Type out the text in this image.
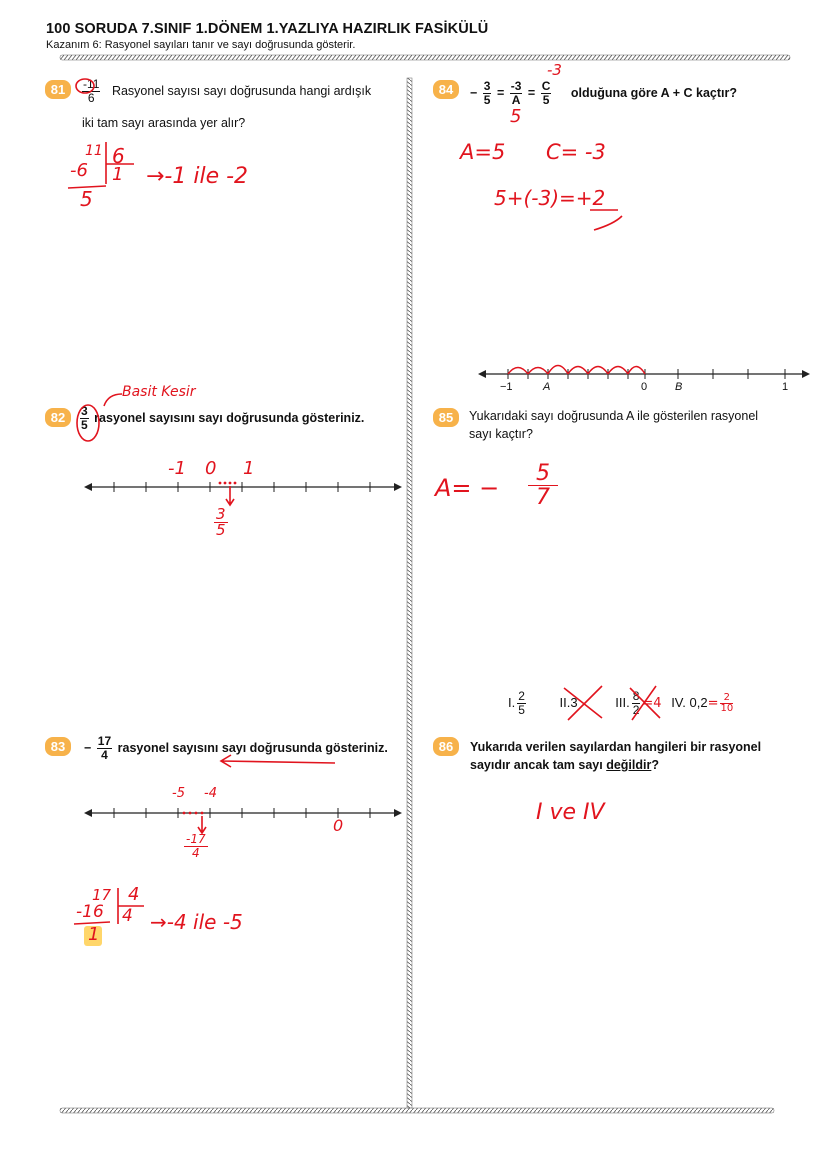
100 SORUDA 7.SINIF 1.DÖNEM 1.YAZLIYA HAZIRLIK FASİKÜLÜ
Kazanım 6: Rasyonel sayıları tanır ve sayı doğrusunda gösterir.
81	$\frac{-11}{6}$ Rasyonel sayısı sayı doğrusunda hangi ardışık
iki tam sayı arasında yer alır?
11 6
-6 1
5
→-1 ile -2
Basit Kesir
82	$\frac{3}{5}$ rasyonel sayısını sayı doğrusunda gösteriniz.
-1 0 1
3
5
83	− $\frac{17}{4}$ rasyonel sayısını sayı doğrusunda gösteriniz.
-5 -4
0
-17
4
17 4
-16 4
1
→-4 ile -5
84	− $\frac{3}{5} = \frac{-3}{A} = \frac{C}{5}$ olduğuna göre A + C kaçtır?
-3
5
A=5 C= -3
5+(-3)=+2
−1	A	0	B	1
85	Yukarıdaki sayı doğrusunda A ile gösterilen rasyonel
sayı kaçtır?
A= −
5
7
I. $\frac{2}{5}$	II.3	III. $\frac{8}{2} =4$ IV. $0,2= \frac{2}{10}$
86	Yukarıda verilen sayılardan hangileri bir rasyonel
sayıdır ancak tam sayı değildir?
I ve IV
